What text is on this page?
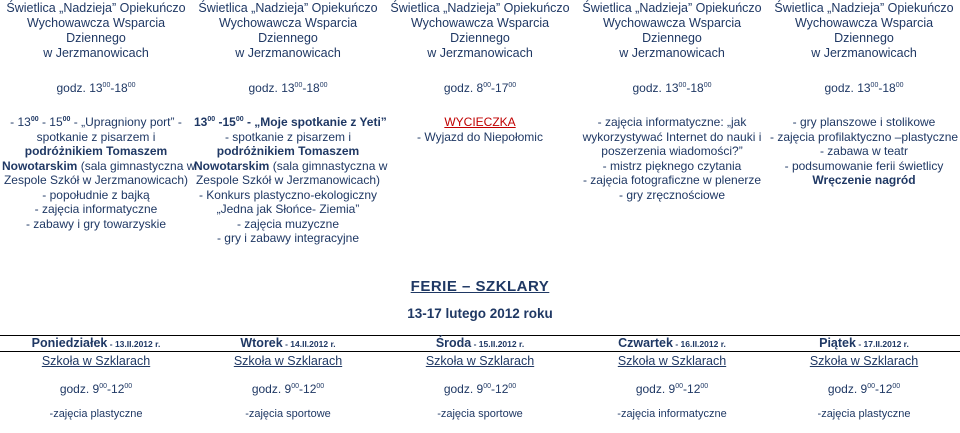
Świetlica „Nadzieja” Opiekuńczo
Wychowawcza Wsparcia
Dziennego
w Jerzmanowicach
godz. $13^{00}-18^{00}$
- $13^{00} - 15^{00}$ - „Upragniony port” -
spotkanie z pisarzem i
podróżnikiem Tomaszem
Nowotarskim (sala gimnastyczna w
Zespole Szkół w Jerzmanowicach)
- popołudnie z bajką
- zajęcia informatyczne
- zabawy i gry towarzyskie
Świetlica „Nadzieja” Opiekuńczo
Wychowawcza Wsparcia
Dziennego
w Jerzmanowicach
godz. $13^{00}-18^{00}$
$13^{00}$ $-15^{00}$ - „Moje spotkanie z Yeti”
- spotkanie z pisarzem i
podróżnikiem Tomaszem
Nowotarskim (sala gimnastyczna w
Zespole Szkół w Jerzmanowicach)
- Konkurs plastyczno-ekologiczny
„Jedna jak Słońce- Ziemia”
- zajęcia muzyczne
- gry i zabawy integracyjne
Świetlica „Nadzieja” Opiekuńczo
Wychowawcza Wsparcia
Dziennego
w Jerzmanowicach
godz. $8^{00}-17^{00}$
WYCIECZKA
- Wyjazd do Niepołomic
Świetlica „Nadzieja” Opiekuńczo
Wychowawcza Wsparcia
Dziennego
w Jerzmanowicach
godz. $13^{00}-18^{00}$
- zajęcia informatyczne: „jak
wykorzystywać Internet do nauki i
poszerzenia wiadomości?”
- mistrz pięknego czytania
- zajęcia fotograficzne w plenerze
- gry zręcznościowe
Świetlica „Nadzieja” Opiekuńczo
Wychowawcza Wsparcia
Dziennego
w Jerzmanowicach
godz. $13^{00}-18^{00}$
- gry planszowe i stolikowe
- zajęcia profilaktyczno –plastyczne
- zabawa w teatr
- podsumowanie ferii świetlicy
Wręczenie nagród
FERIE – SZKLARY
13-17 lutego 2012 roku
Poniedziałek - 13.II.2012 r.
Szkoła w Szklarach
godz. $9^{00}-12^{00}$
-zajęcia plastyczne
Wtorek - 14.II.2012 r.
Szkoła w Szklarach
godz. $9^{00}-12^{00}$
-zajęcia sportowe
Środa - 15.II.2012 r.
Szkoła w Szklarach
godz. $9^{00}-12^{00}$
-zajęcia sportowe
Czwartek - 16.II.2012 r.
Szkoła w Szklarach
godz. $9^{00}-12^{00}$
-zajęcia informatyczne
Piątek - 17.II.2012 r.
Szkoła w Szklarach
godz. $9^{00}-12^{00}$
-zajęcia plastyczne
